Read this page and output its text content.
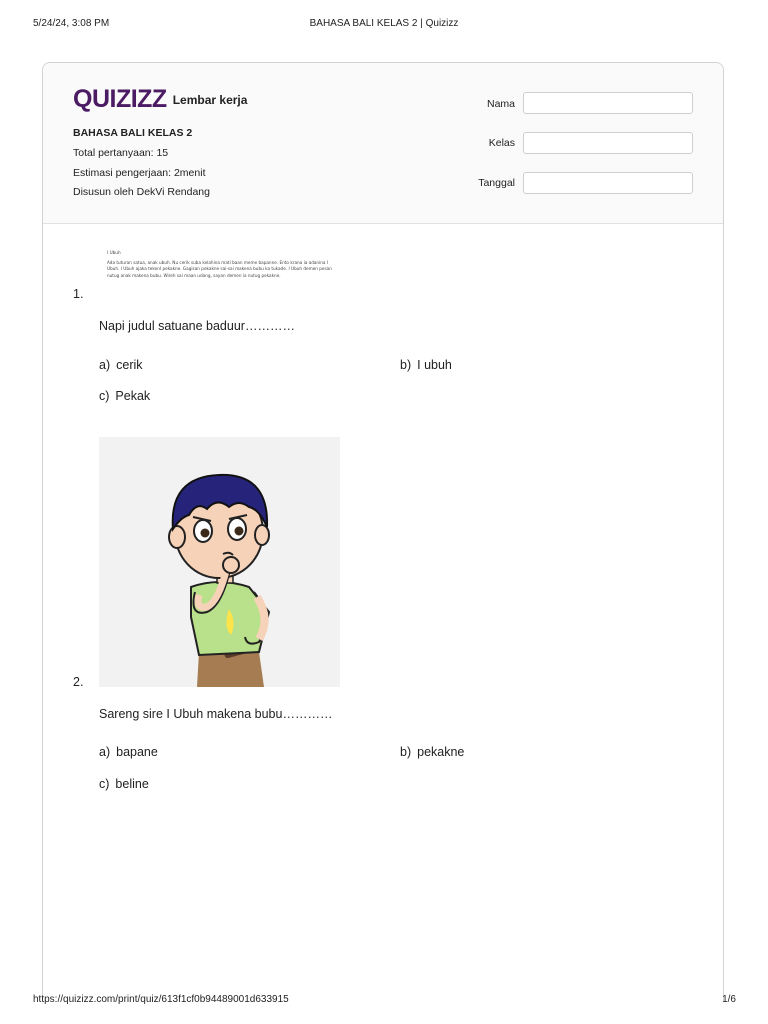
5/24/24, 3:08 PM	BAHASA BALI KELAS 2 | Quizizz
QUIZIZZ Lembar kerja
BAHASA BALI KELAS 2
Total pertanyaan: 15
Estimasi pengerjaan: 2menit
Disusun oleh DekVi Rendang
Nama
Kelas
Tanggal
I Ubuh
Ada tuturan satua, anak ubuh. Nu cerik suba kelahina mati baan meme bapanne. Ento krana ia adanina I Ubuh. I Ubuh ajaka tekenI pekakne. Gagisan pekakne sai-sai makena bubu ka tukade. I Ubuh demen pesan nutug anak makena bubu. Wireh sai maan udang, sayan demen ia nutug pekakne.
1.
Napi judul satuane baduur…………
a) cerik	b) I ubuh
c) Pekak
2.
Sareng sire I Ubuh makena bubu…………
a) bapane	b) pekakne
c) beline
https://quizizz.com/print/quiz/613f1cf0b94489001d633915	1/6
